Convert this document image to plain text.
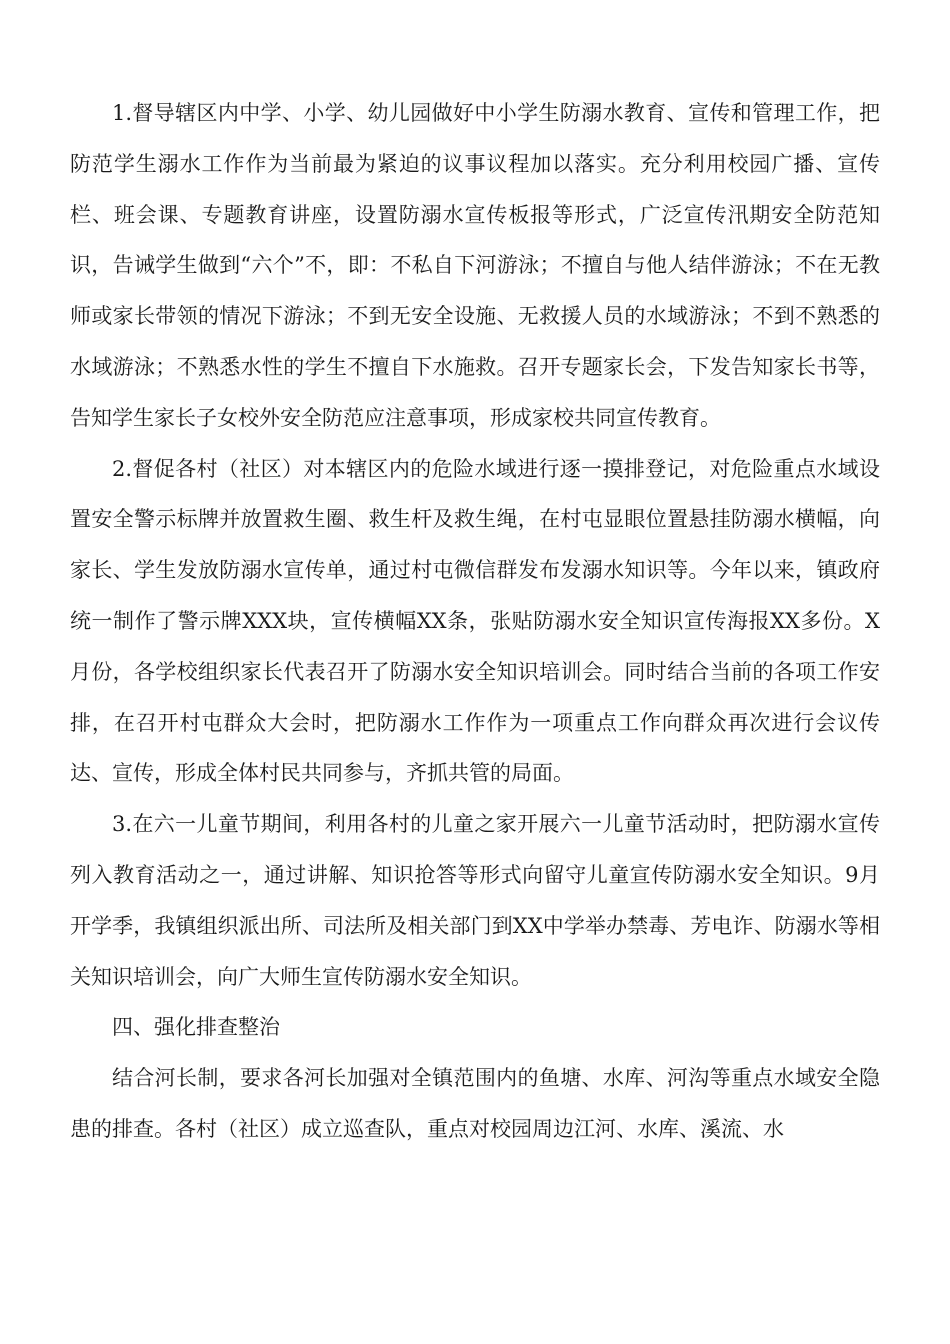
1.督导辖区内中学、小学、幼儿园做好中小学生防溺水教育、宣传和管理工作，把防范学生溺水工作作为当前最为紧迫的议事议程加以落实。充分利用校园广播、宣传栏、班会课、专题教育讲座，设置防溺水宣传板报等形式，广泛宣传汛期安全防范知识，告诫学生做到“六个”不，即：不私自下河游泳；不擅自与他人结伴游泳；不在无教师或家长带领的情况下游泳；不到无安全设施、无救援人员的水域游泳；不到不熟悉的水域游泳；不熟悉水性的学生不擅自下水施救。召开专题家长会，下发告知家长书等，告知学生家长子女校外安全防范应注意事项，形成家校共同宣传教育。

2.督促各村（社区）对本辖区内的危险水域进行逐一摸排登记，对危险重点水域设置安全警示标牌并放置救生圈、救生杆及救生绳，在村屯显眼位置悬挂防溺水横幅，向家长、学生发放防溺水宣传单，通过村屯微信群发布发溺水知识等。今年以来，镇政府统一制作了警示牌XXX块，宣传横幅XX条，张贴防溺水安全知识宣传海报XX多份。X月份，各学校组织家长代表召开了防溺水安全知识培训会。同时结合当前的各项工作安排，在召开村屯群众大会时，把防溺水工作作为一项重点工作向群众再次进行会议传达、宣传，形成全体村民共同参与，齐抓共管的局面。

3.在六一儿童节期间，利用各村的儿童之家开展六一儿童节活动时，把防溺水宣传列入教育活动之一，通过讲解、知识抢答等形式向留守儿童宣传防溺水安全知识。9月开学季，我镇组织派出所、司法所及相关部门到XX中学举办禁毒、芳电诈、防溺水等相关知识培训会，向广大师生宣传防溺水安全知识。

四、强化排查整治

结合河长制，要求各河长加强对全镇范围内的鱼塘、水库、河沟等重点水域安全隐患的排查。各村（社区）成立巡查队，重点对校园周边江河、水库、溪流、水
